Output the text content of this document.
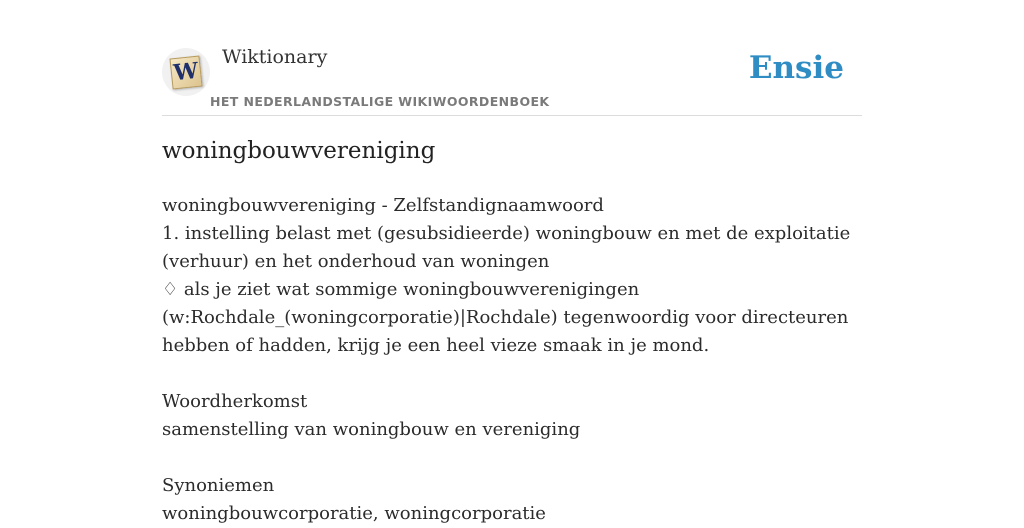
W
Wiktionary
HET NEDERLANDSTALIGE WIKIWOORDENBOEK
Ensie
woningbouwvereniging
woningbouwvereniging - Zelfstandignaamwoord
1. instelling belast met (gesubsidieerde) woningbouw en met de exploitatie
(verhuur) en het onderhoud van woningen
♢ als je ziet wat sommige woningbouwverenigingen
(w:Rochdale_(woningcorporatie)|Rochdale) tegenwoordig voor directeuren
hebben of hadden, krijg je een heel vieze smaak in je mond.
Woordherkomst
samenstelling van woningbouw en vereniging
Synoniemen
woningbouwcorporatie, woningcorporatie
